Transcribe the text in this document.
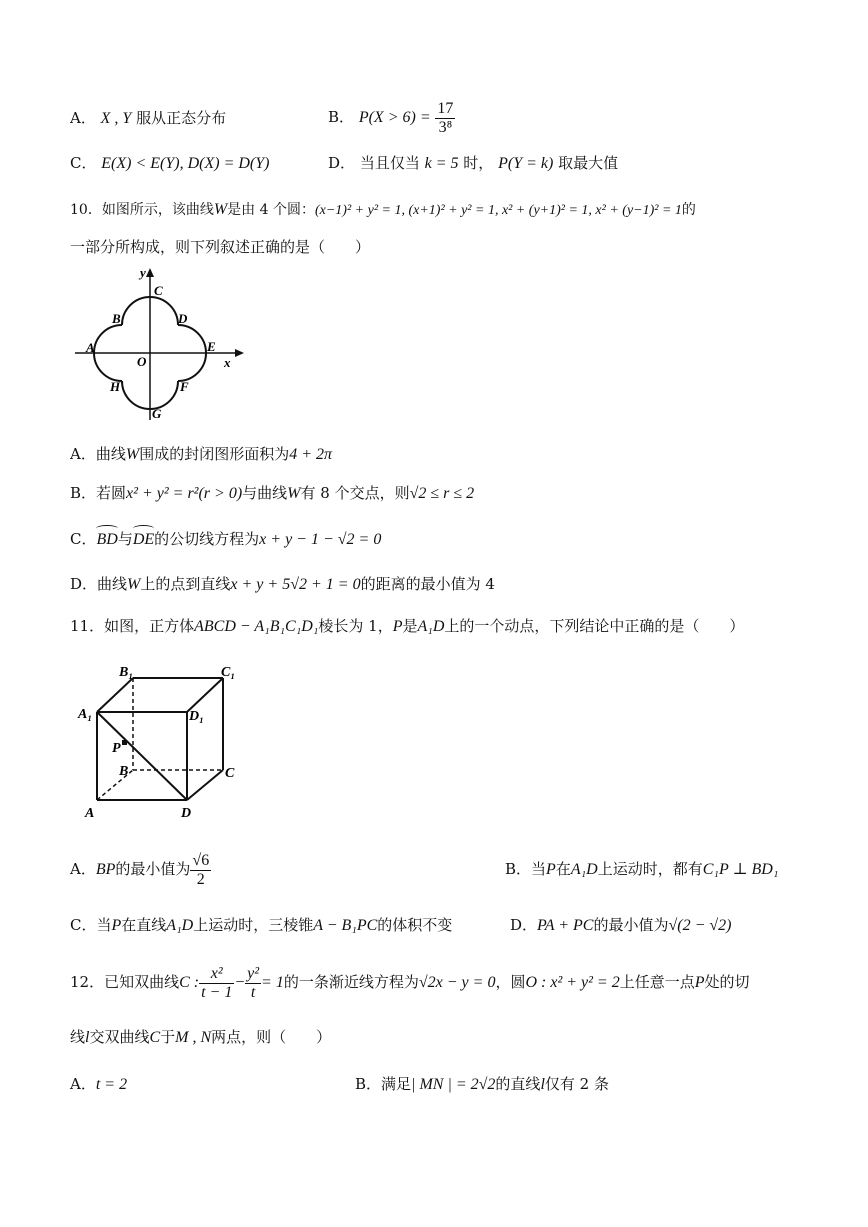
A． X , Y 服从正态分布	B． $P(X > 6) = \frac{17}{\text{3⁸}}$
C． E(X) < E(Y), D(X) = D(Y)	D． 当且仅当 k = 5 时， P(Y = k) 取最大值
10．如图所示，该曲线W是由 4 个圆：(x−1)² + y² = 1, (x+1)² + y² = 1, x² + (y+1)² = 1, x² + (y−1)² = 1的
一部分所构成，则下列叙述正确的是（　　）
y
x
O
A
B
C
D
E
F
G
H
A．曲线W围成的封闭图形面积为4 + 2π
B．若圆x² + y² = r²(r > 0)与曲线W有 8 个交点，则√2 ≤ r ≤ 2
C．
BD与
DE的公切线方程为x + y − 1 − √2 = 0
D．曲线W上的点到直线x + y + 5√2 + 1 = 0的距离的最小值为 4
11．如图，正方体ABCD − A₁B₁C₁D₁棱长为 1，P是A₁D上的一个动点，下列结论中正确的是（　　）
B₁	C₁
A₁	D₁
P
B	C
A	D
A．BP的最小值为 $\frac{√6}{2}$	B．当P在A₁D上运动时，都有C₁P ⊥ BD₁
C．当P在直线A₁D上运动时，三棱锥A − B₁PC的体积不变	D．PA + PC的最小值为√(2 − √2)
12．已知双曲线C : $\frac{\text{x²}}{t - 1} - \frac{\text{y²}}{t} = 1$的一条渐近线方程为√2x − y = 0，圆O : x² + y² = 2上任意一点P处的切
线l交双曲线C于M , N两点，则（　　）
A．t = 2	B．满足| MN | = 2√2的直线l仅有 2 条
